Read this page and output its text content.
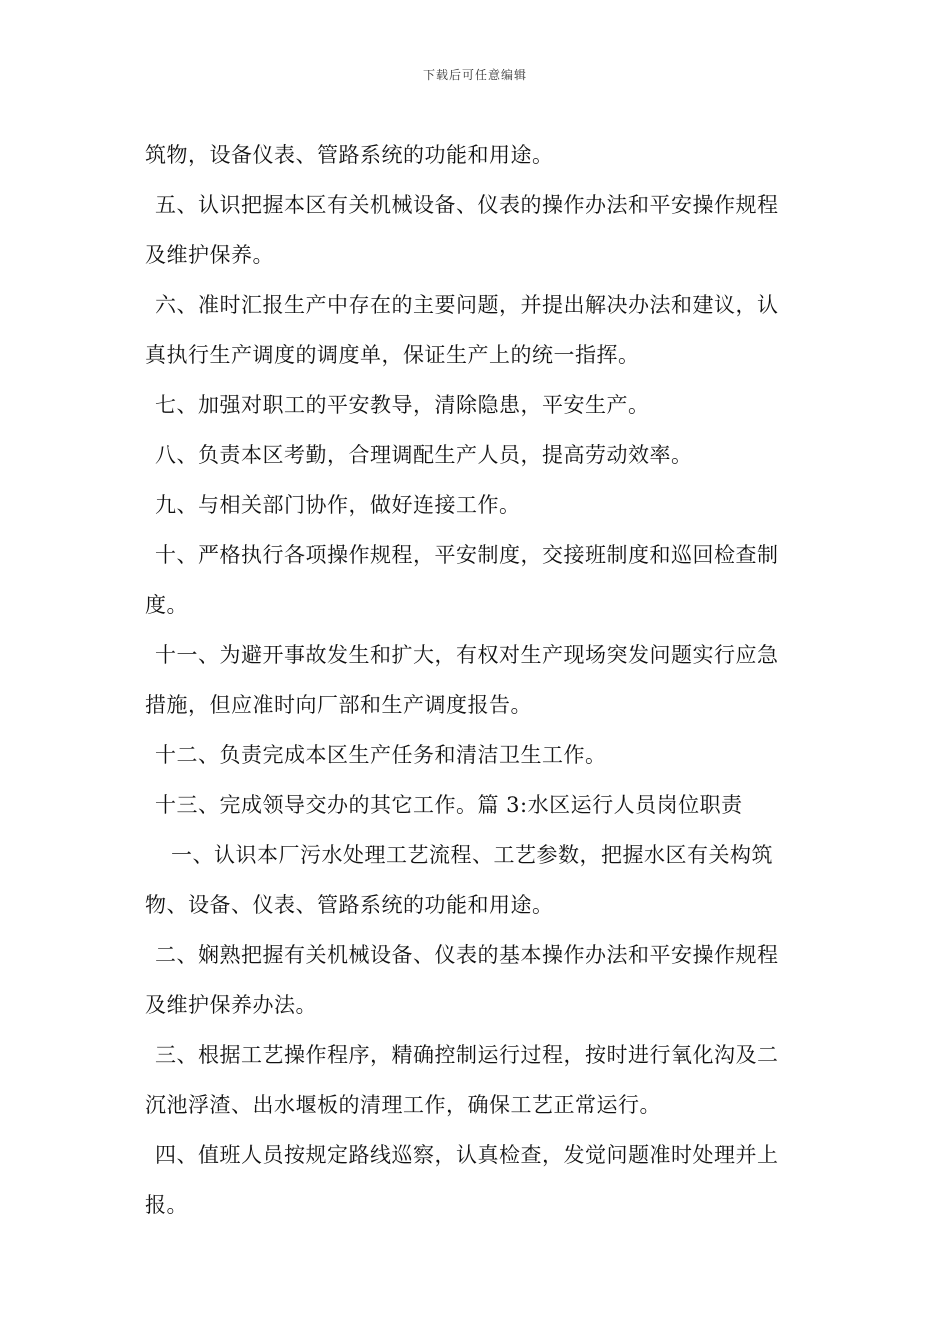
下载后可任意编辑
筑物，设备仪表、管路系统的功能和用途。
五、认识把握本区有关机械设备、仪表的操作办法和平安操作规程
及维护保养。
六、准时汇报生产中存在的主要问题，并提出解决办法和建议，认
真执行生产调度的调度单，保证生产上的统一指挥。
七、加强对职工的平安教导，清除隐患，平安生产。
八、负责本区考勤，合理调配生产人员，提高劳动效率。
九、与相关部门协作，做好连接工作。
十、严格执行各项操作规程，平安制度，交接班制度和巡回检查制
度。
十一、为避开事故发生和扩大，有权对生产现场突发问题实行应急
措施，但应准时向厂部和生产调度报告。
十二、负责完成本区生产任务和清洁卫生工作。
十三、完成领导交办的其它工作。篇 3:水区运行人员岗位职责
一、认识本厂污水处理工艺流程、工艺参数，把握水区有关构筑
物、设备、仪表、管路系统的功能和用途。
二、娴熟把握有关机械设备、仪表的基本操作办法和平安操作规程
及维护保养办法。
三、根据工艺操作程序，精确控制运行过程，按时进行氧化沟及二
沉池浮渣、出水堰板的清理工作，确保工艺正常运行。
四、值班人员按规定路线巡察，认真检查，发觉问题准时处理并上
报。
